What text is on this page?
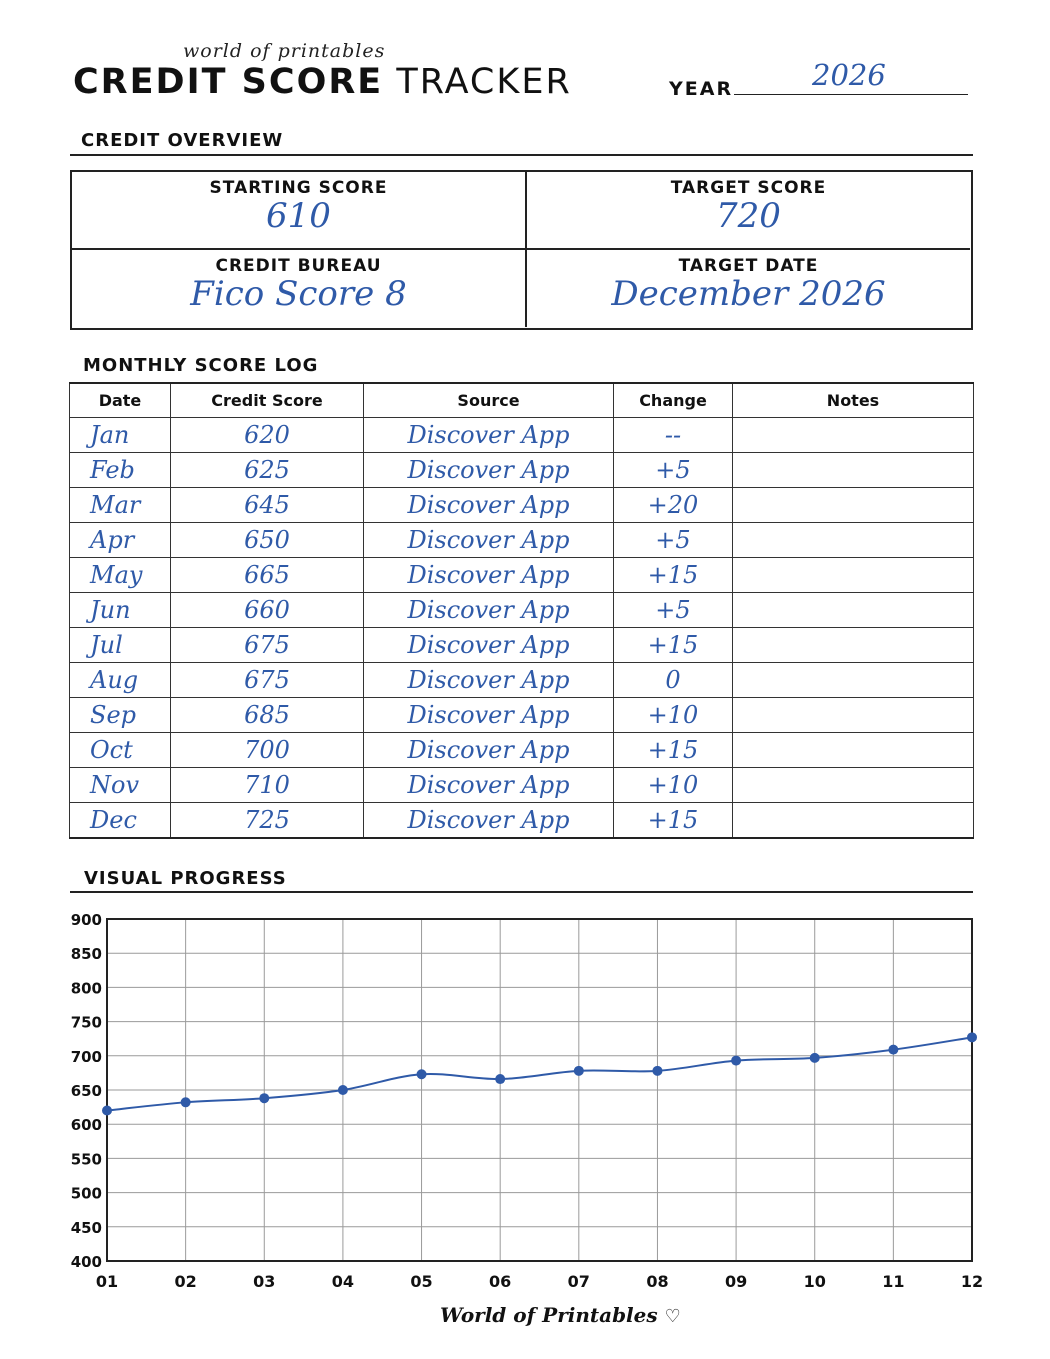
world of printables
CREDIT SCORE TRACKER	YEAR	2026
CREDIT OVERVIEW
STARTING SCORE
610
TARGET SCORE
720
CREDIT BUREAU
Fico Score 8
TARGET DATE
December 2026
MONTHLY SCORE LOG
Date	Credit Score	Source	Change	Notes
Jan	620	Discover App	--	
Feb	625	Discover App	+5	
Mar	645	Discover App	+20	
Apr	650	Discover App	+5	
May	665	Discover App	+15	
Jun	660	Discover App	+5	
Jul	675	Discover App	+15	
Aug	675	Discover App	0	
Sep	685	Discover App	+10	
Oct	700	Discover App	+15	
Nov	710	Discover App	+10	
Dec	725	Discover App	+15	
VISUAL PROGRESS
900
850
800
750
700
650
600
550
500
450
400
01	02	03	04	05	06	07	08	09	10	11	12
World of Printables ♡
